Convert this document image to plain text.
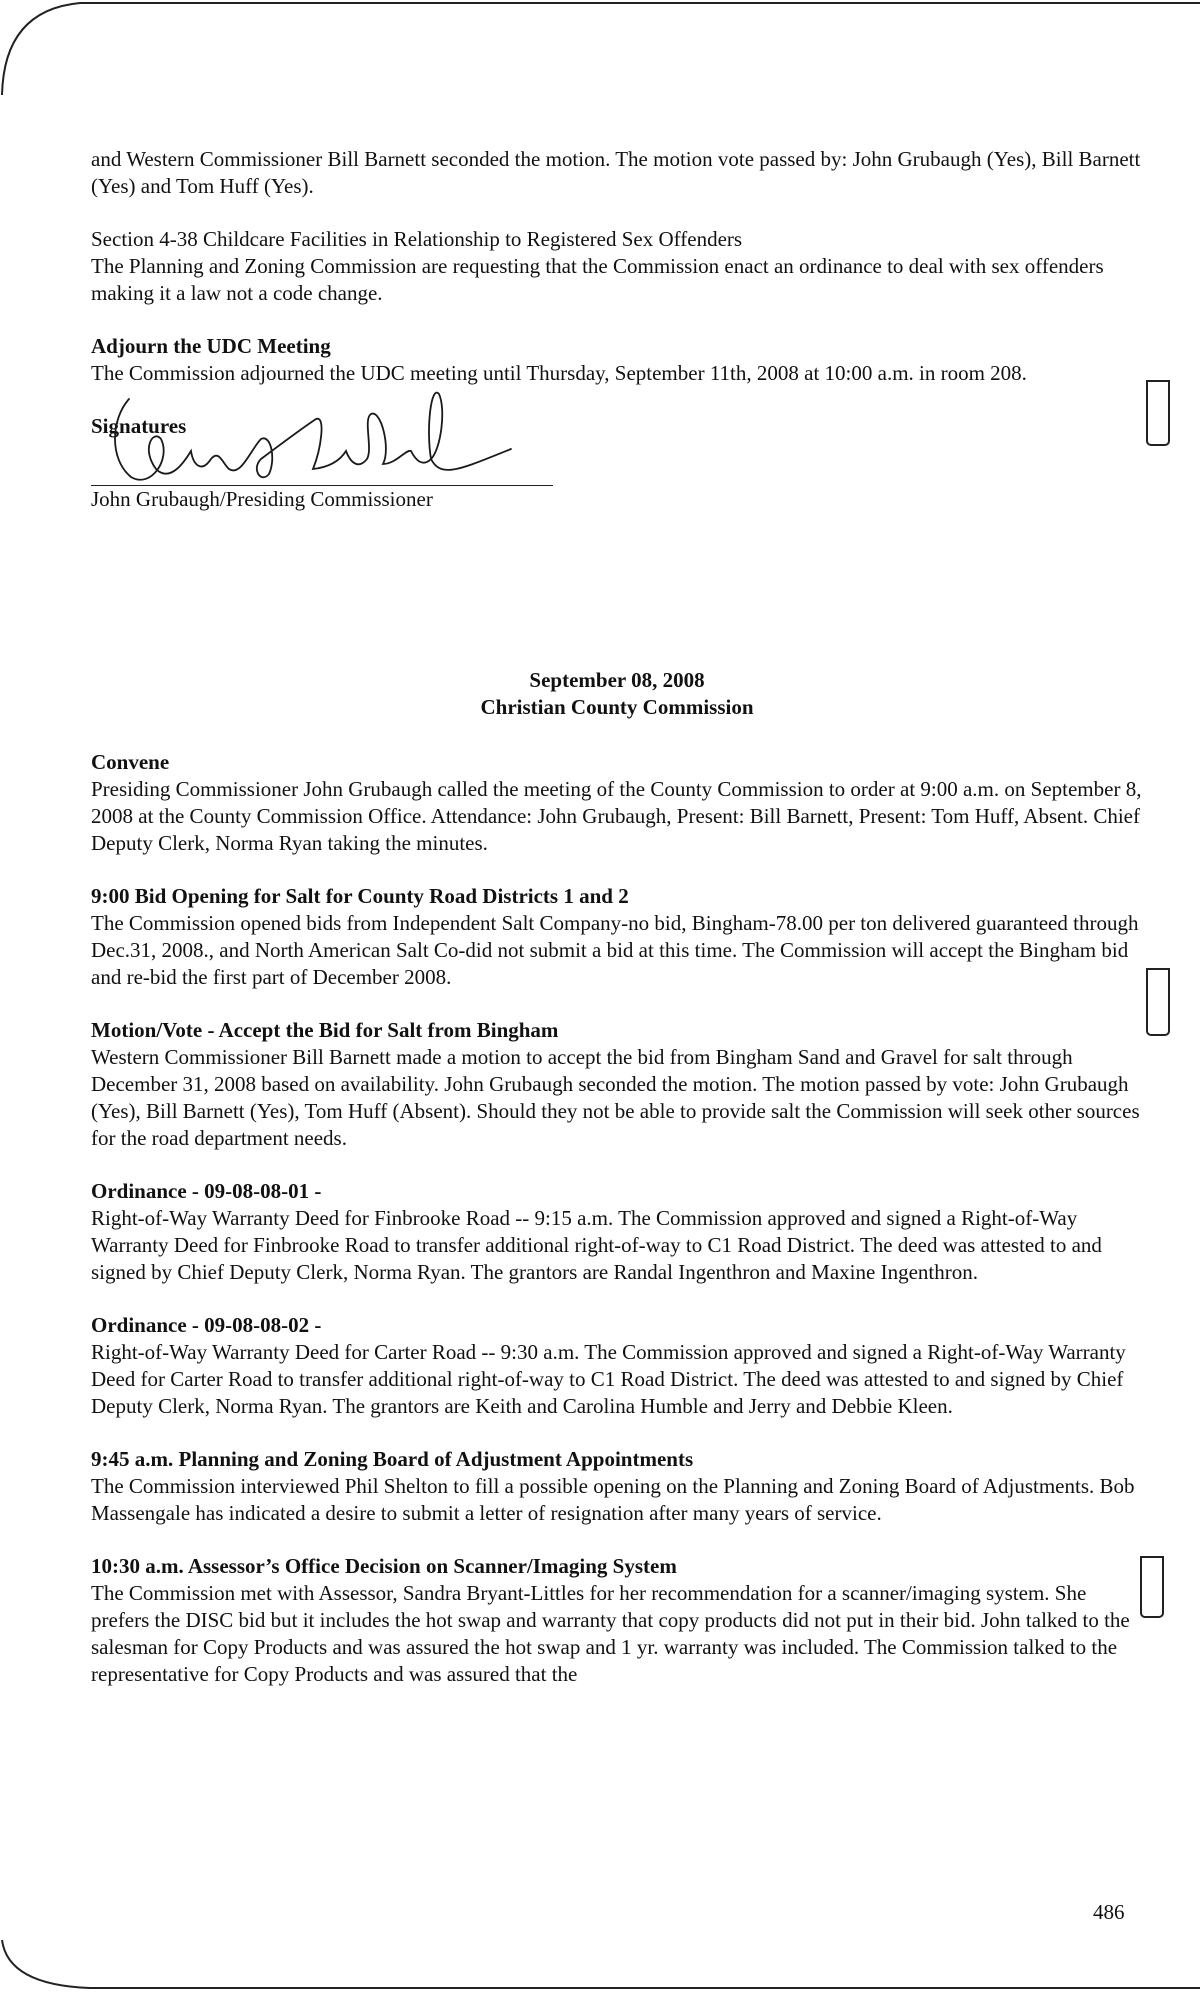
and Western Commissioner Bill Barnett seconded the motion. The motion vote passed by: John Grubaugh (Yes), Bill Barnett (Yes) and Tom Huff (Yes).

Section 4-38 Childcare Facilities in Relationship to Registered Sex Offenders
The Planning and Zoning Commission are requesting that the Commission enact an ordinance to deal with sex offenders making it a law not a code change.

Adjourn the UDC Meeting
The Commission adjourned the UDC meeting until Thursday, September 11th, 2008 at 10:00 a.m. in room 208.

Signatures
John Grubaugh/Presiding Commissioner
September 08, 2008
Christian County Commission

Convene
Presiding Commissioner John Grubaugh called the meeting of the County Commission to order at 9:00 a.m. on September 8, 2008 at the County Commission Office. Attendance: John Grubaugh, Present: Bill Barnett, Present: Tom Huff, Absent. Chief Deputy Clerk, Norma Ryan taking the minutes.

9:00 Bid Opening for Salt for County Road Districts 1 and 2
The Commission opened bids from Independent Salt Company-no bid, Bingham-78.00 per ton delivered guaranteed through Dec.31, 2008., and North American Salt Co-did not submit a bid at this time. The Commission will accept the Bingham bid and re-bid the first part of December 2008.

Motion/Vote - Accept the Bid for Salt from Bingham
Western Commissioner Bill Barnett made a motion to accept the bid from Bingham Sand and Gravel for salt through December 31, 2008 based on availability. John Grubaugh seconded the motion. The motion passed by vote: John Grubaugh (Yes), Bill Barnett (Yes), Tom Huff (Absent). Should they not be able to provide salt the Commission will seek other sources for the road department needs.

Ordinance - 09-08-08-01 -
Right-of-Way Warranty Deed for Finbrooke Road -- 9:15 a.m. The Commission approved and signed a Right-of-Way Warranty Deed for Finbrooke Road to transfer additional right-of-way to C1 Road District. The deed was attested to and signed by Chief Deputy Clerk, Norma Ryan. The grantors are Randal Ingenthron and Maxine Ingenthron.

Ordinance - 09-08-08-02 -
Right-of-Way Warranty Deed for Carter Road -- 9:30 a.m. The Commission approved and signed a Right-of-Way Warranty Deed for Carter Road to transfer additional right-of-way to C1 Road District. The deed was attested to and signed by Chief Deputy Clerk, Norma Ryan. The grantors are Keith and Carolina Humble and Jerry and Debbie Kleen.

9:45 a.m. Planning and Zoning Board of Adjustment Appointments
The Commission interviewed Phil Shelton to fill a possible opening on the Planning and Zoning Board of Adjustments. Bob Massengale has indicated a desire to submit a letter of resignation after many years of service.

10:30 a.m. Assessor’s Office Decision on Scanner/Imaging System
The Commission met with Assessor, Sandra Bryant-Littles for her recommendation for a scanner/imaging system. She prefers the DISC bid but it includes the hot swap and warranty that copy products did not put in their bid. John talked to the salesman for Copy Products and was assured the hot swap and 1 yr. warranty was included. The Commission talked to the representative for Copy Products and was assured that the

486
